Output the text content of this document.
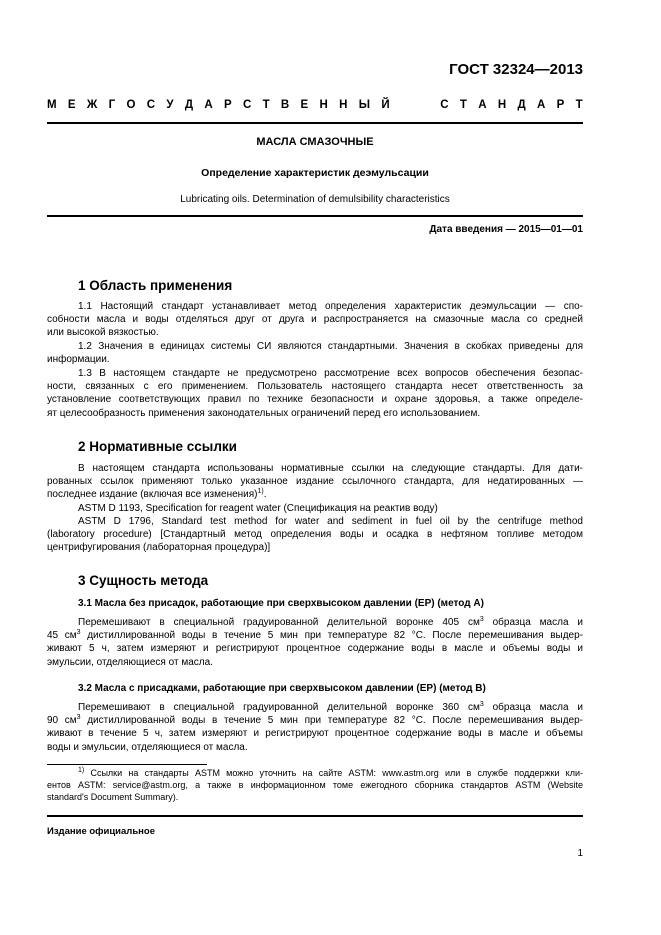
ГОСТ 32324—2013
М Е Ж Г О С У Д А Р С Т В Е Н Н Ы Й	С Т А Н Д А Р Т
МАСЛА СМАЗОЧНЫЕ
Определение характеристик деэмульсации
Lubricating oils. Determination of demulsibility characteristics
Дата введения — 2015—01—01
1 Область применения
1.1 Настоящий стандарт устанавливает метод определения характеристик деэмульсации — спо-
собности масла и воды отделяться друг от друга и распространяется на смазочные масла со средней
или высокой вязкостью.
1.2 Значения в единицах системы СИ являются стандартными. Значения в скобках приведены для
информации.
1.3 В настоящем стандарте не предусмотрено рассмотрение всех вопросов обеспечения безопас-
ности, связанных с его применением. Пользователь настоящего стандарта несет ответственность за
установление соответствующих правил по технике безопасности и охране здоровья, а также определе-
ят целесообразность применения законодательных ограничений перед его использованием.
2 Нормативные ссылки
В настоящем стандарта использованы нормативные ссылки на следующие стандарты. Для дати-
рованных ссылок применяют только указанное издание ссылочного стандарта, для недатированных —
последнее издание (включая все изменения)$^{1)}$.
ASTM D 1193, Specification for reagent water (Спецификация на реактив воду)
ASTM D 1796, Standard test method for water and sediment in fuel oil by the centrifuge method
(laboratory procedure) [Стандартный метод определения воды и осадка в нефтяном топливе методом
центрифугирования (лабораторная процедура)]
3 Сущность метода
3.1 Масла без присадок, работающие при сверхвысоком давлении (ЕР) (метод А)
Перемешивают в специальной градуированной делительной воронке 405 $см^3$ образца масла и
45 $см^3$ дистиллированной воды в течение 5 мин при температуре 82 °С. После перемешивания выдер-
живают 5 ч, затем измеряют и регистрируют процентное содержание воды в масле и объемы воды и
эмульсии, отделяющиеся от масла.
3.2 Масла с присадками, работающие при сверхвысоком давлении (ЕР) (метод В)
Перемешивают в специальной градуированной делительной воронке 360 $см^3$ образца масла и
90 $см^3$ дистиллированной воды в течение 5 мин при температуре 82 °С. После перемешивания выдер-
живают в течение 5 ч, затем измеряют и регистрируют процентное содержание воды в масле и объемы
воды и эмульсии, отделяющиеся от масла.
$^{1)}$ Ссылки на стандарты ASTM можно уточнить на сайте ASTM: www.astm.org или в службе поддержки кли-
ентов ASTM: service@astm.org, а также в информационном томе ежегодного сборника стандартов ASTM (Website
standard's Document Summary).
Издание официальное
1
